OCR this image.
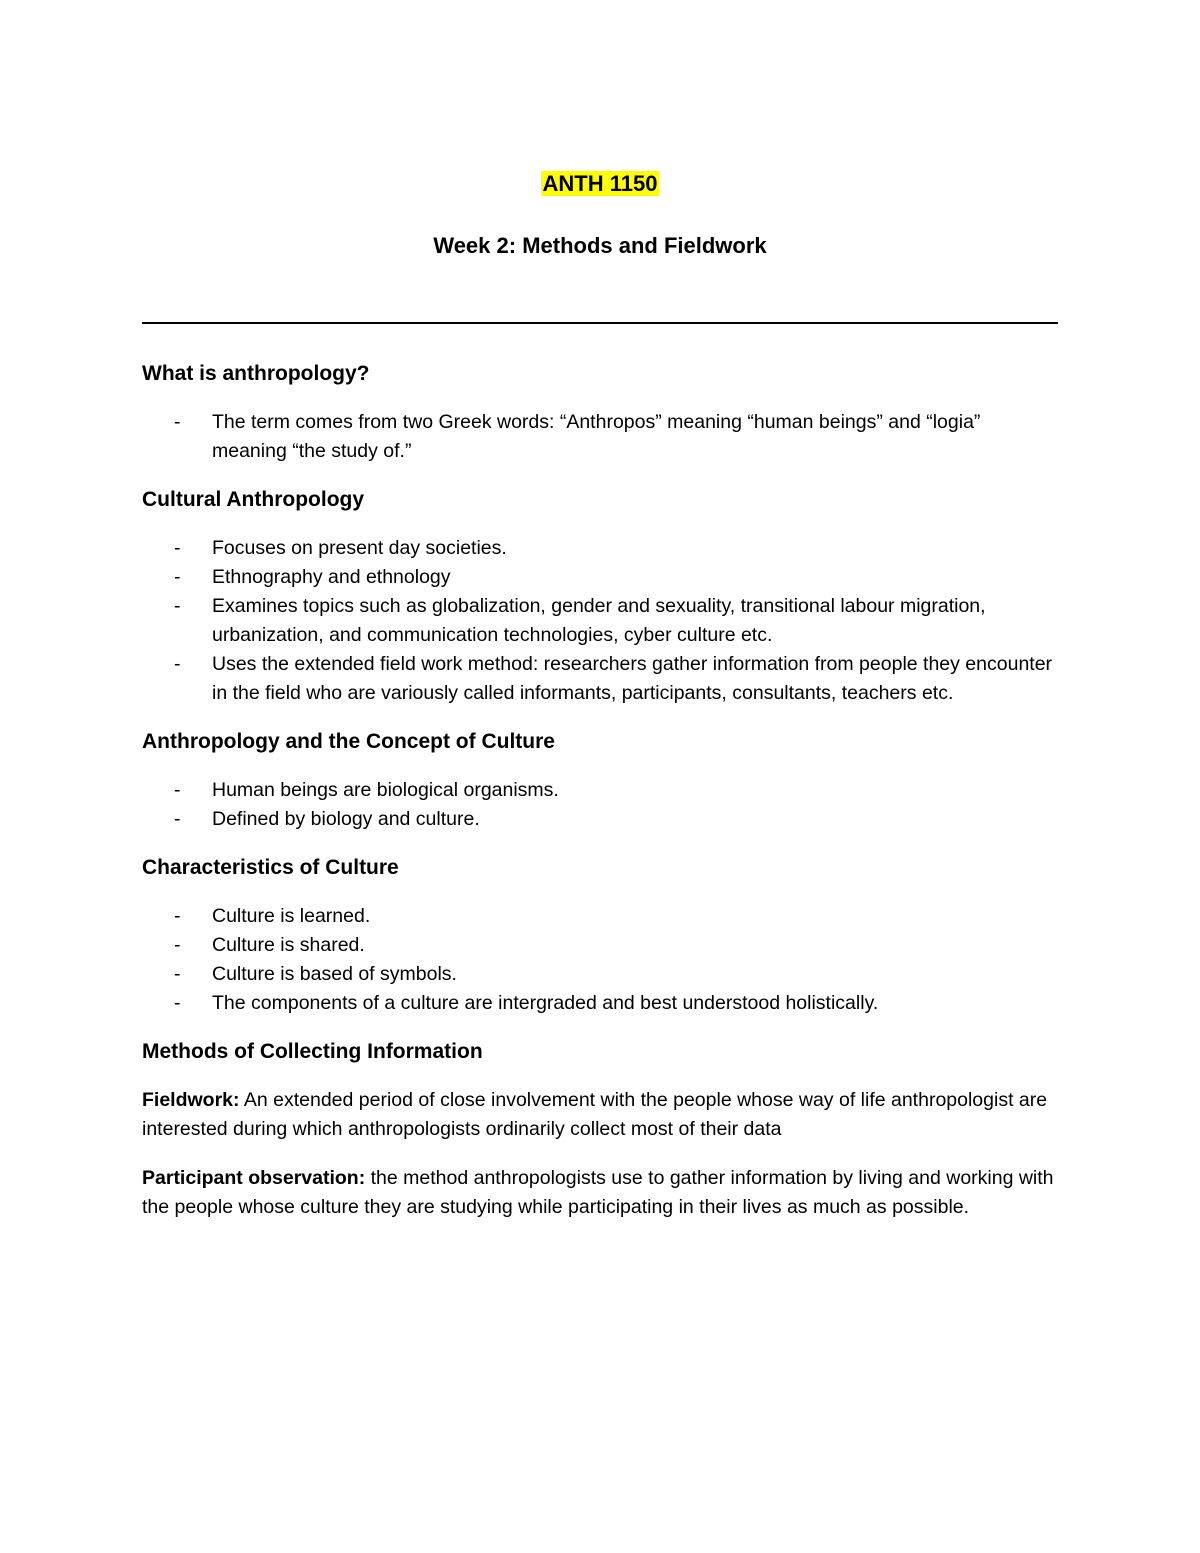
ANTH 1150
Week 2: Methods and Fieldwork
What is anthropology?
- The term comes from two Greek words: “Anthropos” meaning “human beings” and “logia” meaning “the study of.”
Cultural Anthropology
- Focuses on present day societies.
- Ethnography and ethnology
- Examines topics such as globalization, gender and sexuality, transitional labour migration, urbanization, and communication technologies, cyber culture etc.
- Uses the extended field work method: researchers gather information from people they encounter in the field who are variously called informants, participants, consultants, teachers etc.
Anthropology and the Concept of Culture
- Human beings are biological organisms.
- Defined by biology and culture.
Characteristics of Culture
- Culture is learned.
- Culture is shared.
- Culture is based of symbols.
- The components of a culture are intergraded and best understood holistically.
Methods of Collecting Information

Fieldwork: An extended period of close involvement with the people whose way of life anthropologist are interested during which anthropologists ordinarily collect most of their data

Participant observation: the method anthropologists use to gather information by living and working with the people whose culture they are studying while participating in their lives as much as possible.
